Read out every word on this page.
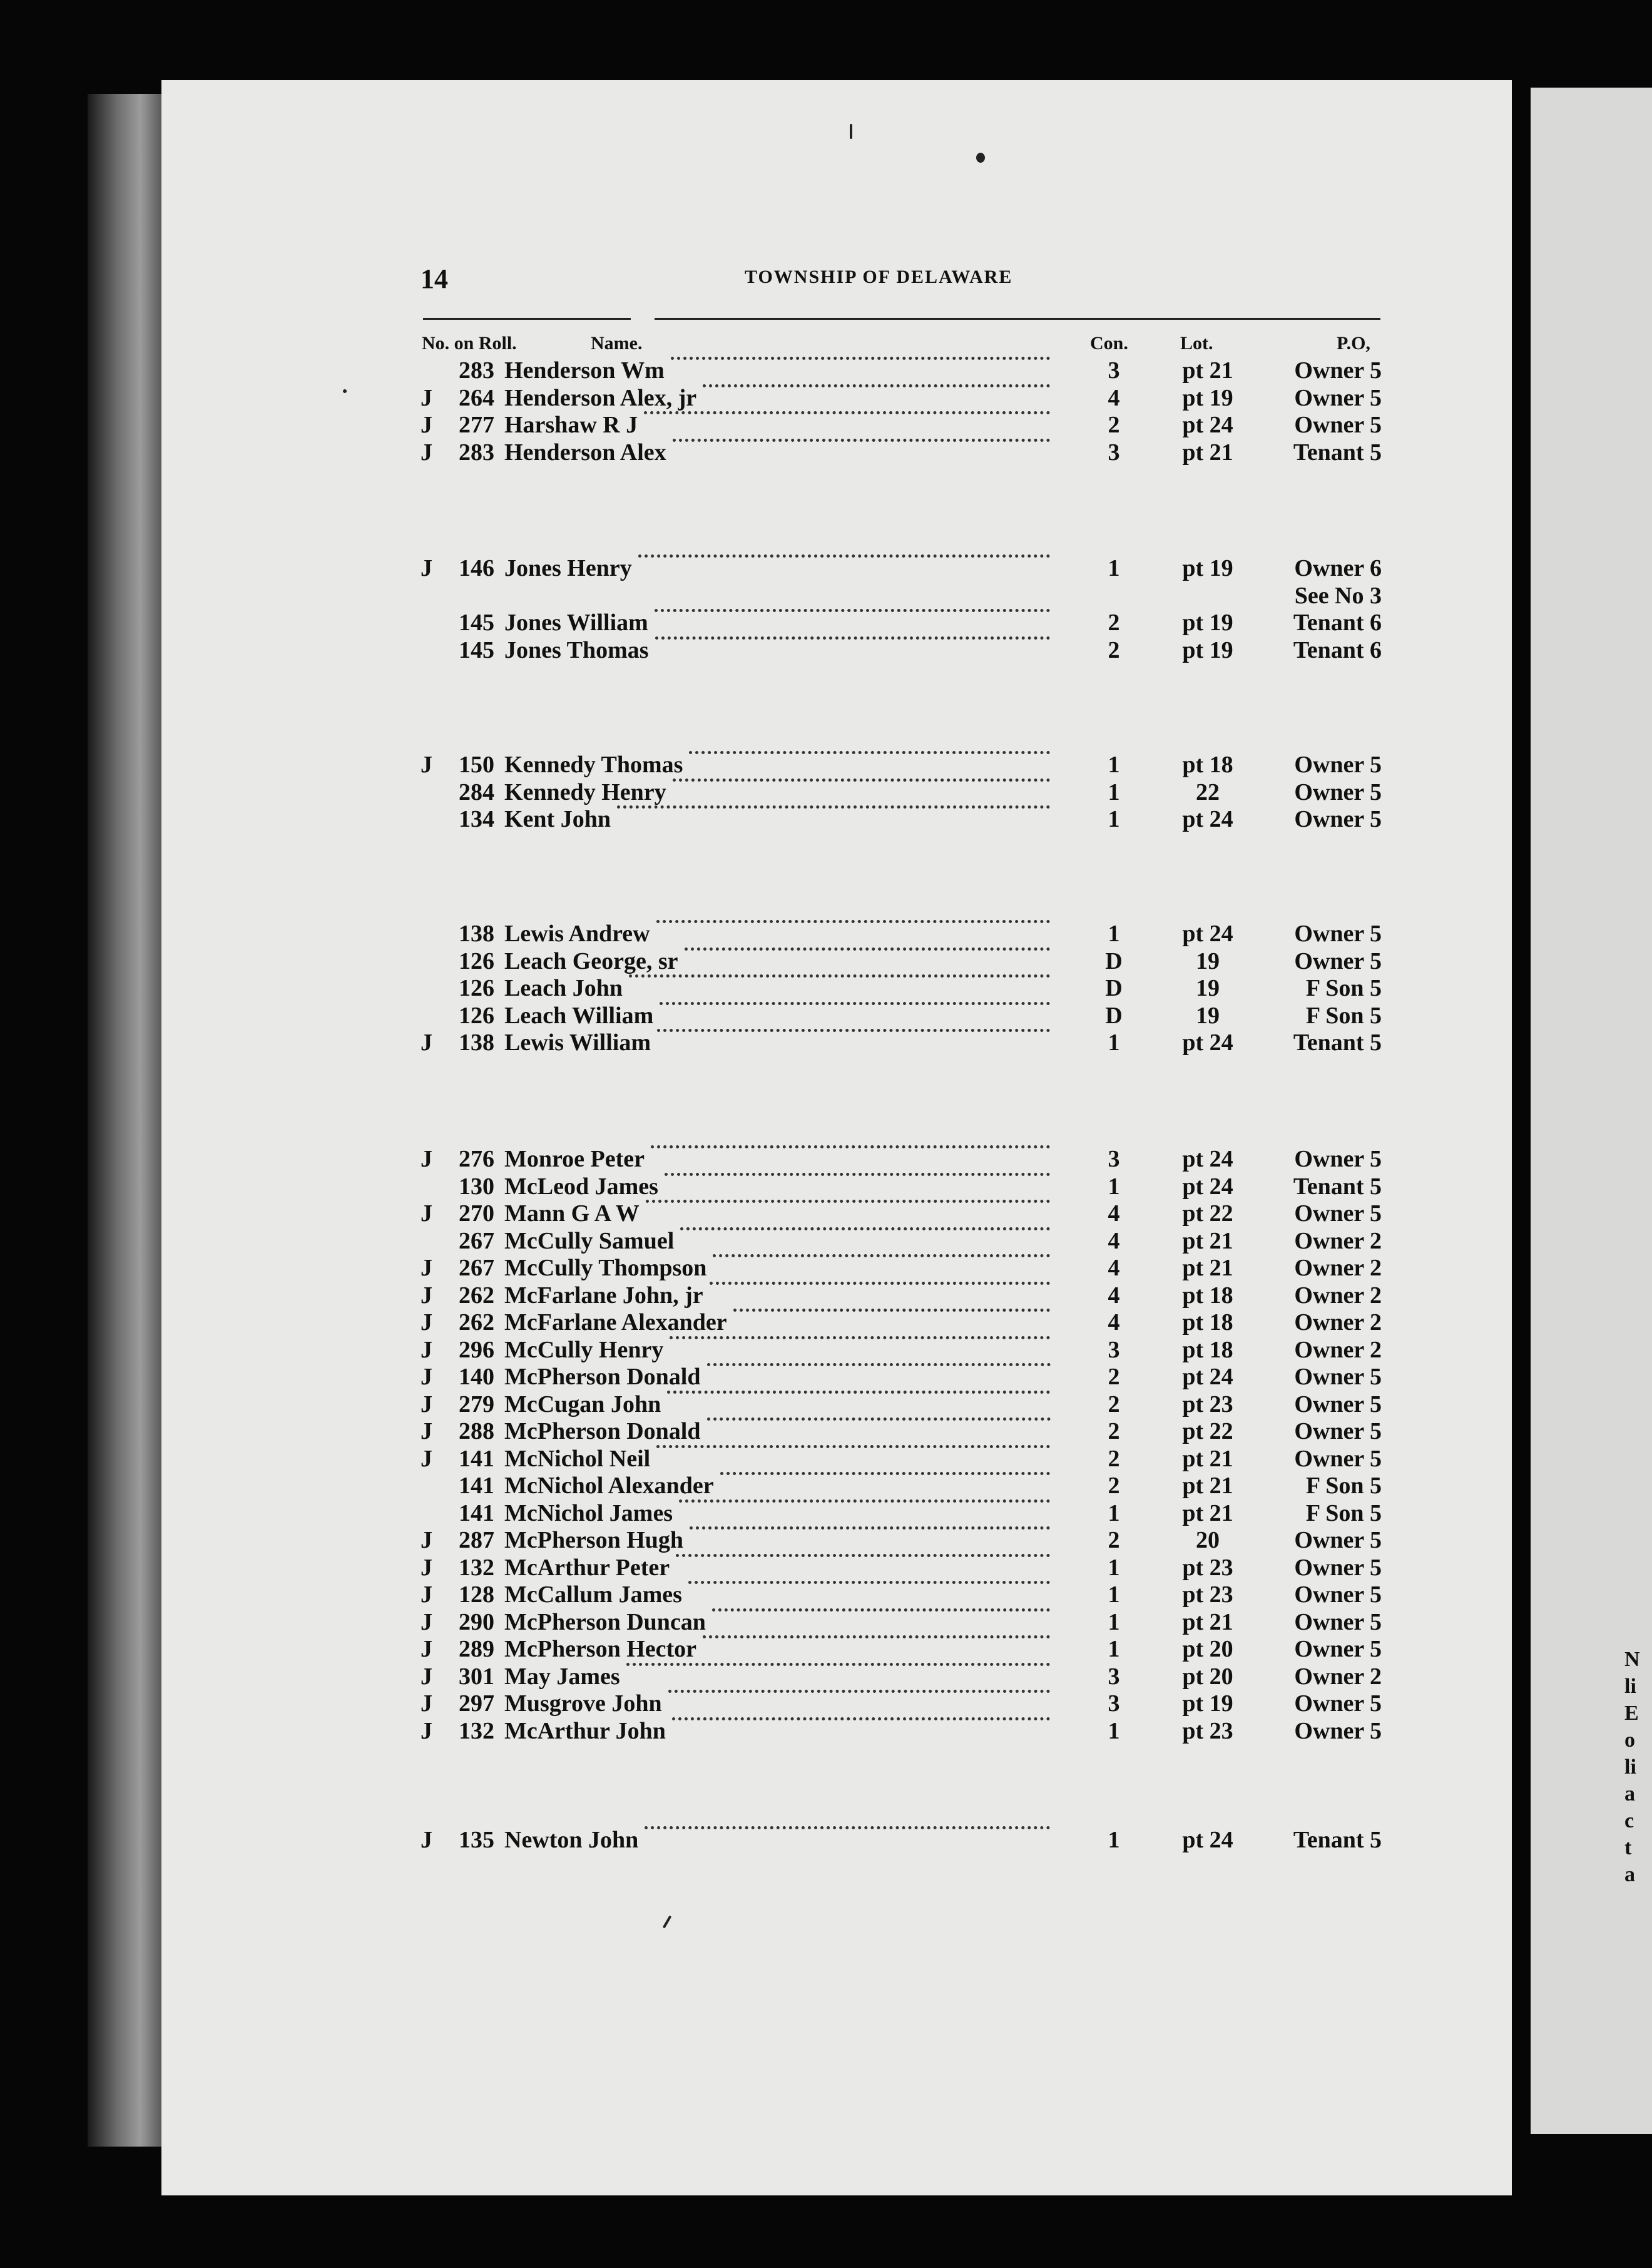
N
li
E
o
li
a
c
t
a
14	TOWNSHIP OF DELAWARE
No. on Roll.	Name.	Con.	Lot.	P.O,
283 Henderson Wm	3	pt 21	Owner 5
J	264 Henderson Alex, jr	4	pt 19	Owner 5
J	277 Harshaw R J	2	pt 24	Owner 5
J	283 Henderson Alex	3	pt 21	Tenant 5
J	146 Jones Henry	1	pt 19	Owner 6
See No 3
145 Jones William	2	pt 19	Tenant 6
145 Jones Thomas	2	pt 19	Tenant 6
J	150 Kennedy Thomas	1	pt 18	Owner 5
284 Kennedy Henry	1	22	Owner 5
134 Kent John	1	pt 24	Owner 5
138 Lewis Andrew	1	pt 24	Owner 5
126 Leach George, sr	D	19	Owner 5
126 Leach John	D	19	F Son 5
126 Leach William	D	19	F Son 5
J	138 Lewis William	1	pt 24	Tenant 5
J	276 Monroe Peter	3	pt 24	Owner 5
130 McLeod James	1	pt 24	Tenant 5
J	270 Mann G A W	4	pt 22	Owner 5
267 McCully Samuel	4	pt 21	Owner 2
J	267 McCully Thompson	4	pt 21	Owner 2
J	262 McFarlane John, jr	4	pt 18	Owner 2
J	262 McFarlane Alexander	4	pt 18	Owner 2
J	296 McCully Henry	3	pt 18	Owner 2
J	140 McPherson Donald	2	pt 24	Owner 5
J	279 McCugan John	2	pt 23	Owner 5
J	288 McPherson Donald	2	pt 22	Owner 5
J	141 McNichol Neil	2	pt 21	Owner 5
141 McNichol Alexander	2	pt 21	F Son 5
141 McNichol James	1	pt 21	F Son 5
J	287 McPherson Hugh	2	20	Owner 5
J	132 McArthur Peter	1	pt 23	Owner 5
J	128 McCallum James	1	pt 23	Owner 5
J	290 McPherson Duncan	1	pt 21	Owner 5
J	289 McPherson Hector	1	pt 20	Owner 5
J	301 May James	3	pt 20	Owner 2
J	297 Musgrove John	3	pt 19	Owner 5
J	132 McArthur John	1	pt 23	Owner 5
J	135 Newton John	1	pt 24	Tenant 5
